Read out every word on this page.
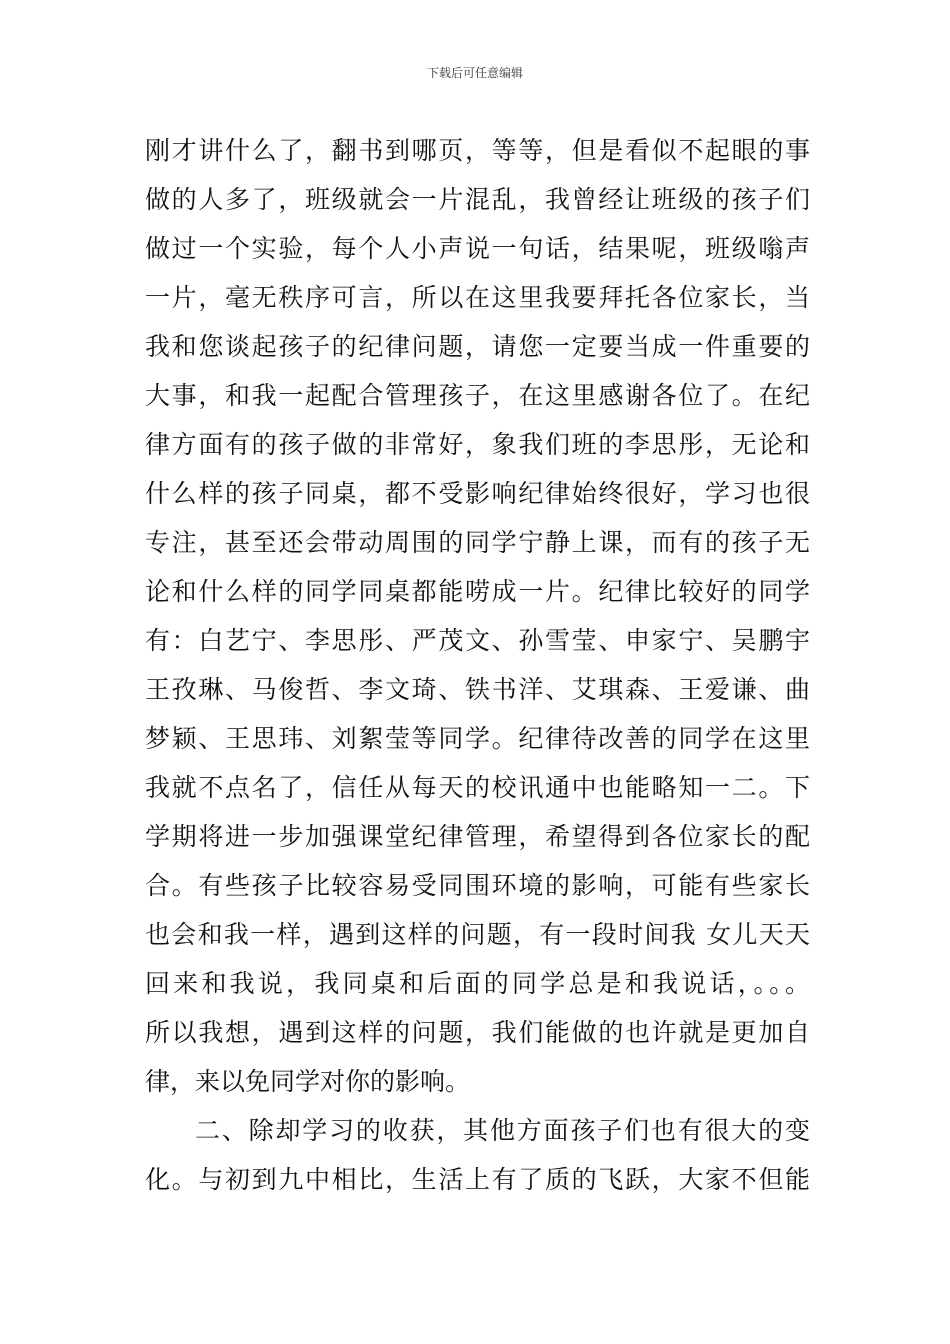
下载后可任意编辑
刚才讲什么了，翻书到哪页，等等，但是看似不起眼的事
做的人多了，班级就会一片混乱，我曾经让班级的孩子们
做过一个实验，每个人小声说一句话，结果呢，班级嗡声
一片，毫无秩序可言，所以在这里我要拜托各位家长，当
我和您谈起孩子的纪律问题，请您一定要当成一件重要的
大事，和我一起配合管理孩子，在这里感谢各位了。在纪
律方面有的孩子做的非常好，象我们班的李思彤，无论和
什么样的孩子同桌，都不受影响纪律始终很好，学习也很
专注，甚至还会带动周围的同学宁静上课，而有的孩子无
论和什么样的同学同桌都能唠成一片。纪律比较好的同学
有：白艺宁、李思彤、严茂文、孙雪莹、申家宁、吴鹏宇
王孜琳、马俊哲、李文琦、铁书洋、艾琪森、王爱谦、曲
梦颖、王思玮、刘絮莹等同学。纪律待改善的同学在这里
我就不点名了，信任从每天的校讯通中也能略知一二。下
学期将进一步加强课堂纪律管理，希望得到各位家长的配
合。有些孩子比较容易受同围环境的影响，可能有些家长
也会和我一样，遇到这样的问题，有一段时间我 女儿天天
回来和我说，我同桌和后面的同学总是和我说话，。。。
所以我想，遇到这样的问题，我们能做的也许就是更加自
律，来以免同学对你的影响。
二、除却学习的收获，其他方面孩子们也有很大的变
化。与初到九中相比，生活上有了质的飞跃，大家不但能
